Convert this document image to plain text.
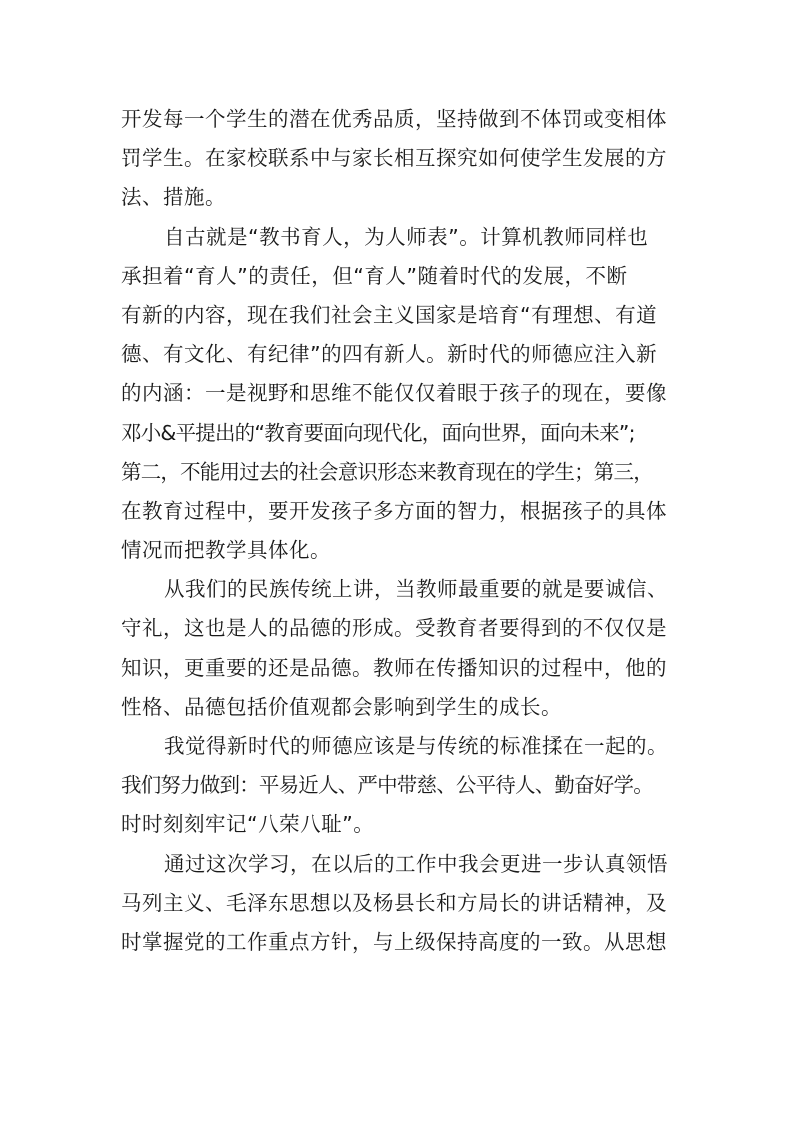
开发每一个学生的潜在优秀品质，坚持做到不体罚或变相体
罚学生。在家校联系中与家长相互探究如何使学生发展的方
法、措施。
自古就是“教书育人，为人师表”。计算机教师同样也
承担着“育人”的责任，但“育人”随着时代的发展，不断
有新的内容，现在我们社会主义国家是培育“有理想、有道
德、有文化、有纪律”的四有新人。新时代的师德应注入新
的内涵：一是视野和思维不能仅仅着眼于孩子的现在，要像
邓小&平提出的“教育要面向现代化，面向世界，面向未来”;
第二，不能用过去的社会意识形态来教育现在的学生；第三，
在教育过程中，要开发孩子多方面的智力，根据孩子的具体
情况而把教学具体化。
从我们的民族传统上讲，当教师最重要的就是要诚信、
守礼，这也是人的品德的形成。受教育者要得到的不仅仅是
知识，更重要的还是品德。教师在传播知识的过程中，他的
性格、品德包括价值观都会影响到学生的成长。
我觉得新时代的师德应该是与传统的标准揉在一起的。
我们努力做到：平易近人、严中带慈、公平待人、勤奋好学。
时时刻刻牢记“八荣八耻”。
通过这次学习，在以后的工作中我会更进一步认真领悟
马列主义、毛泽东思想以及杨县长和方局长的讲话精神，及
时掌握党的工作重点方针，与上级保持高度的一致。从思想
